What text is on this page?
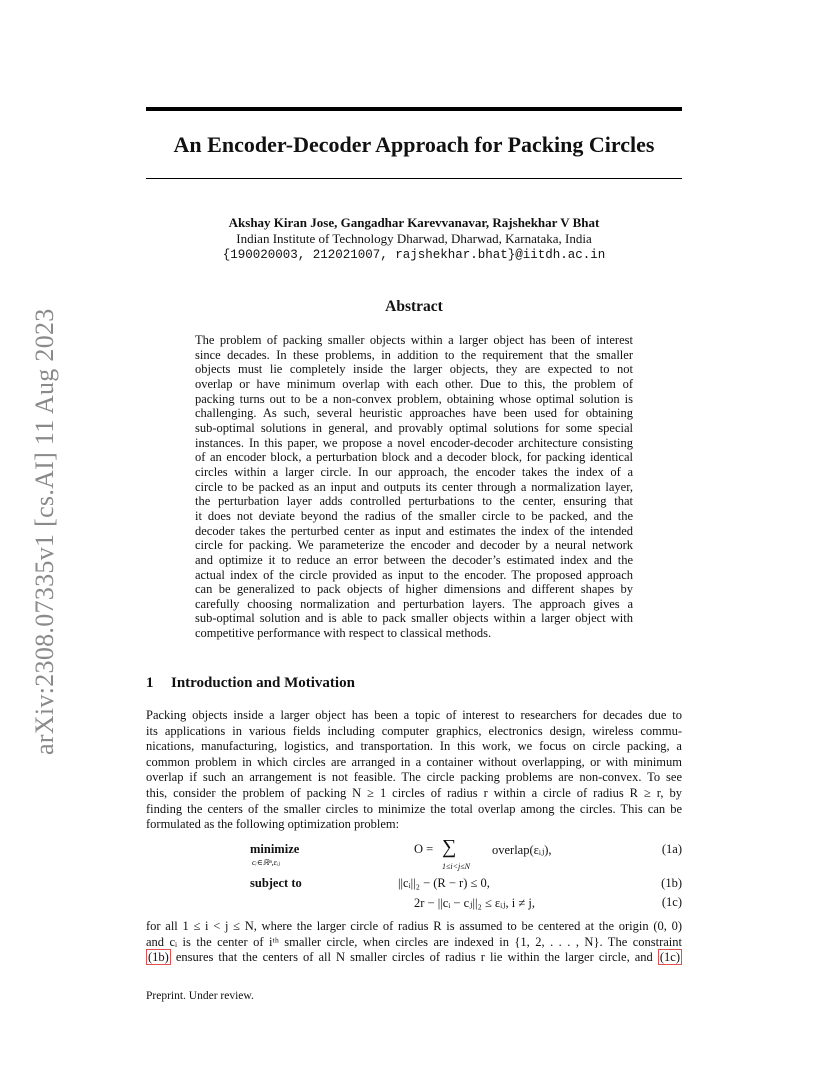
arXiv:2308.07335v1 [cs.AI] 11 Aug 2023
An Encoder-Decoder Approach for Packing Circles
Akshay Kiran Jose, Gangadhar Karevvanavar, Rajshekhar V Bhat
Indian Institute of Technology Dharwad, Dharwad, Karnataka, India
{190020003, 212021007, rajshekhar.bhat}@iitdh.ac.in
Abstract
The problem of packing smaller objects within a larger object has been of interest
since decades. In these problems, in addition to the requirement that the smaller
objects must lie completely inside the larger objects, they are expected to not
overlap or have minimum overlap with each other. Due to this, the problem of
packing turns out to be a non-convex problem, obtaining whose optimal solution is
challenging. As such, several heuristic approaches have been used for obtaining
sub-optimal solutions in general, and provably optimal solutions for some special
instances. In this paper, we propose a novel encoder-decoder architecture consisting
of an encoder block, a perturbation block and a decoder block, for packing identical
circles within a larger circle. In our approach, the encoder takes the index of a
circle to be packed as an input and outputs its center through a normalization layer,
the perturbation layer adds controlled perturbations to the center, ensuring that
it does not deviate beyond the radius of the smaller circle to be packed, and the
decoder takes the perturbed center as input and estimates the index of the intended
circle for packing. We parameterize the encoder and decoder by a neural network
and optimize it to reduce an error between the decoder’s estimated index and the
actual index of the circle provided as input to the encoder. The proposed approach
can be generalized to pack objects of higher dimensions and different shapes by
carefully choosing normalization and perturbation layers. The approach gives a
sub-optimal solution and is able to pack smaller objects within a larger object with
competitive performance with respect to classical methods.
1 Introduction and Motivation
Packing objects inside a larger object has been a topic of interest to researchers for decades due to
its applications in various fields including computer graphics, electronics design, wireless commu-
nications, manufacturing, logistics, and transportation. In this work, we focus on circle packing, a
common problem in which circles are arranged in a container without overlapping, or with minimum
overlap if such an arrangement is not feasible. The circle packing problems are non-convex. To see
this, consider the problem of packing N ≥ 1 circles of radius r within a circle of radius R ≥ r, by
finding the centers of the smaller circles to minimize the total overlap among the circles. This can be
formulated as the following optimization problem:
minimize
cᵢ∈ℝⁿ,εᵢⱼ
O = ∑
1≤i<j≤N
overlap(εᵢⱼ),	(1a)
subject to	||cᵢ||₂ − (R − r) ≤ 0,	(1b)
2r − ||cᵢ − cⱼ||₂ ≤ εᵢⱼ, i ≠ j,	(1c)
for all 1 ≤ i < j ≤ N, where the larger circle of radius R is assumed to be centered at the origin (0, 0)
and cᵢ is the center of iᵗʰ smaller circle, when circles are indexed in {1, 2, . . . , N}. The constraint
(1b) ensures that the centers of all N smaller circles of radius r lie within the larger circle, and (1c)
Preprint. Under review.
